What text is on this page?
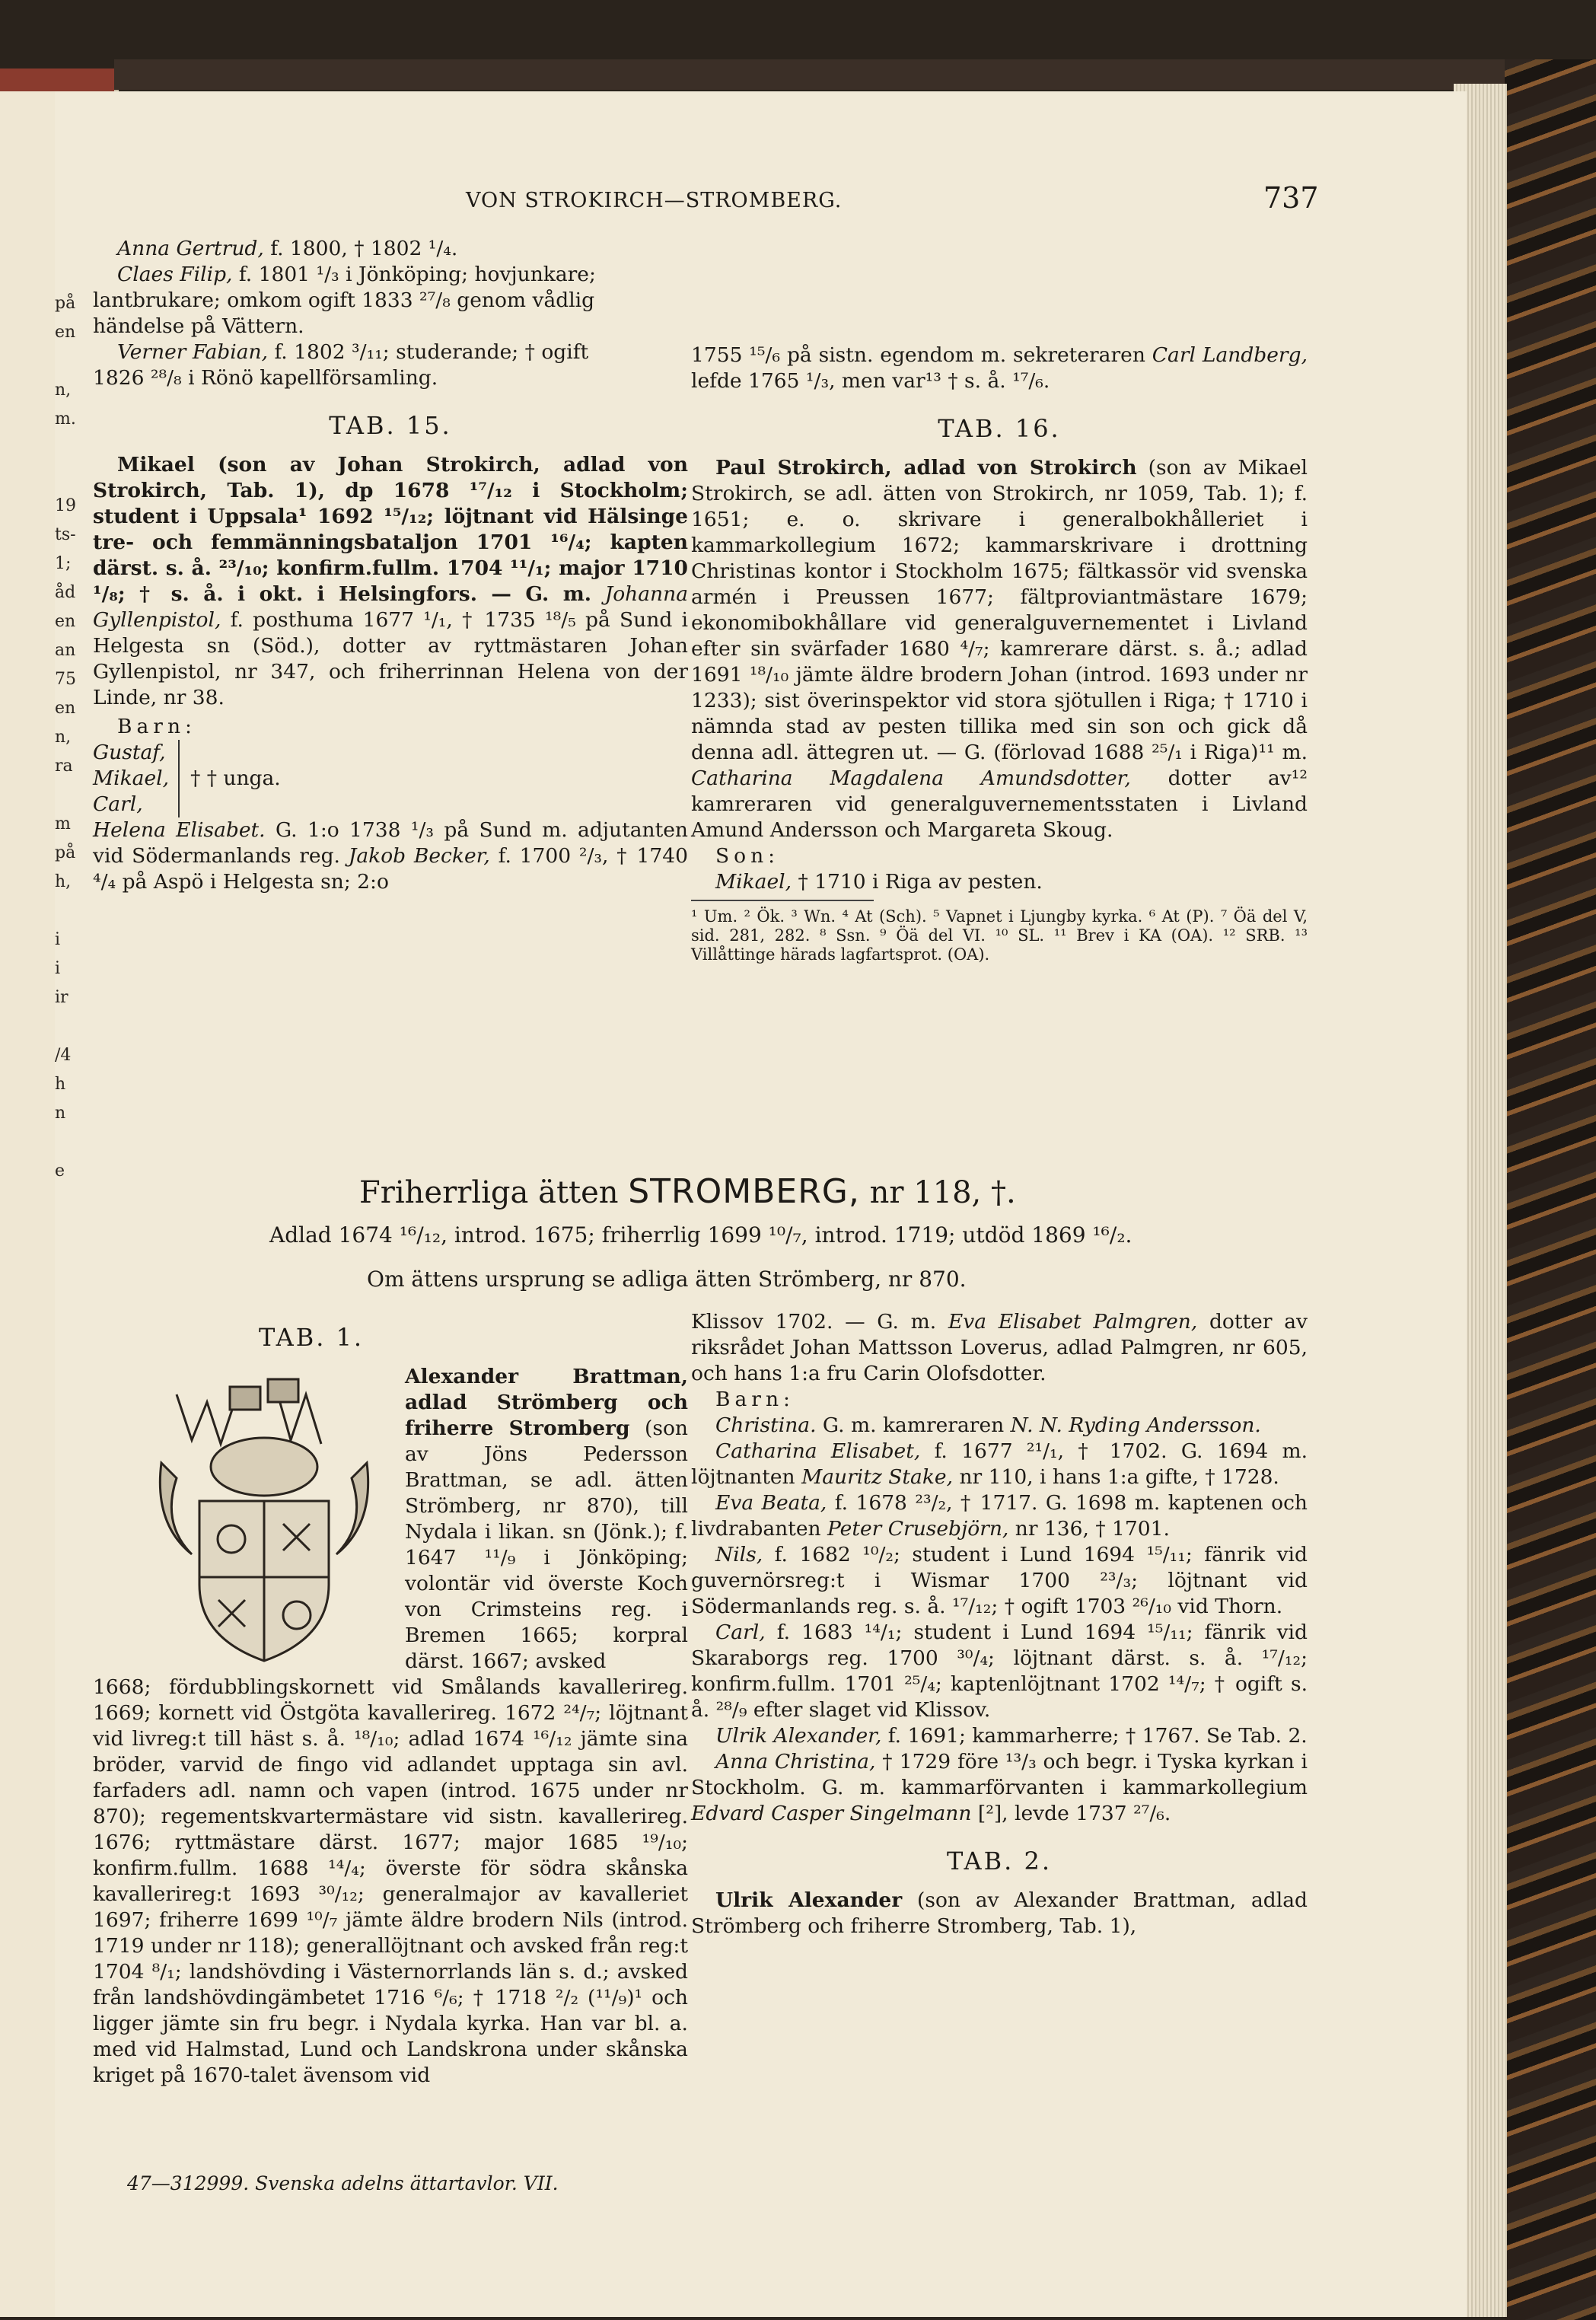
på
en
n,
m.
19
ts-
1;
åd
en
an
75
en
n,
ra
m
på
h,
i
i
ir
/4
h
n
e
VON STROKIRCH—STROMBERG.	737

Anna Gertrud, f. 1800, † 1802 ¹/₄.

Claes Filip, f. 1801 ¹/₃ i Jönköping; hovjunkare;

lantbrukare; omkom ogift 1833 ²⁷/₈ genom vådlig

händelse på Vättern.

Verner Fabian, f. 1802 ³/₁₁; studerande; † ogift

1826 ²⁸/₈ i Rönö kapellförsamling.

TAB. 15.

Mikael (son av Johan Strokirch, adlad von Strokirch, Tab. 1), dp 1678 ¹⁷/₁₂ i Stockholm; student i Uppsala¹ 1692 ¹⁵/₁₂; löjtnant vid Hälsinge tre- och femmänningsbataljon 1701 ¹⁶/₄; kapten därst. s. å. ²³/₁₀; konfirm.fullm. 1704 ¹¹/₁; major 1710 ¹/₈; † s. å. i okt. i Helsingfors. — G. m. Johanna Gyllenpistol, f. posthuma 1677 ¹/₁, † 1735 ¹⁸/₅ på Sund i Helgesta sn (Söd.), dotter av ryttmästaren Johan Gyllenpistol, nr 347, och friherrinnan Helena von der Linde, nr 38.

Barn:

Gustaf,
Mikael,
Carl,
† † unga.

Helena Elisabet. G. 1:o 1738 ¹/₃ på Sund m. adjutanten vid Södermanlands reg. Jakob Becker, f. 1700 ²/₃, † 1740 ⁴/₄ på Aspö i Helgesta sn; 2:o

1755 ¹⁵/₆ på sistn. egendom m. sekreteraren Carl Landberg, lefde 1765 ¹/₃, men var¹³ † s. å. ¹⁷/₆.

TAB. 16.

Paul Strokirch, adlad von Strokirch (son av Mikael Strokirch, se adl. ätten von Strokirch, nr 1059, Tab. 1); f. 1651; e. o. skrivare i generalbokhålleriet i kammarkollegium 1672; kammarskrivare i drottning Christinas kontor i Stockholm 1675; fältkassör vid svenska armén i Preussen 1677; fältproviantmästare 1679; ekonomibokhållare vid generalguvernementet i Livland efter sin svärfader 1680 ⁴/₇; kamrerare därst. s. å.; adlad 1691 ¹⁸/₁₀ jämte äldre brodern Johan (introd. 1693 under nr 1233); sist överinspektor vid stora sjötullen i Riga; † 1710 i nämnda stad av pesten tillika med sin son och gick då denna adl. ättegren ut. — G. (förlovad 1688 ²⁵/₁ i Riga)¹¹ m. Catharina Magdalena Amundsdotter, dotter av¹² kamreraren vid generalguvernementsstaten i Livland Amund Andersson och Margareta Skoug.

Son:

Mikael, † 1710 i Riga av pesten.

¹ Um. ² Ök. ³ Wn. ⁴ At (Sch). ⁵ Vapnet i Ljungby kyrka. ⁶ At (P). ⁷ Öä del V, sid. 281, 282. ⁸ Ssn. ⁹ Öä del VI. ¹⁰ SL. ¹¹ Brev i KA (OA). ¹² SRB. ¹³ Villåttinge härads lagfartsprot. (OA).

Friherrliga ätten STROMBERG, nr 118, †.
Adlad 1674 ¹⁶/₁₂, introd. 1675; friherrlig 1699 ¹⁰/₇, introd. 1719; utdöd 1869 ¹⁶/₂.
Om ättens ursprung se adliga ätten Strömberg, nr 870.
TAB. 1.
Alexander Brattman, adlad Strömberg och friherre Stromberg (son av Jöns Pedersson Brattman, se adl. ätten Strömberg, nr 870), till Nydala i likan. sn (Jönk.); f. 1647 ¹¹/₉ i Jönköping; volontär vid överste Koch von Crimsteins reg. i Bremen 1665; korpral därst. 1667; avsked

1668; fördubblingskornett vid Smålands kavallerireg. 1669; kornett vid Östgöta kavallerireg. 1672 ²⁴/₇; löjtnant vid livreg:t till häst s. å. ¹⁸/₁₀; adlad 1674 ¹⁶/₁₂ jämte sina bröder, varvid de fingo vid adlandet upptaga sin avl. farfaders adl. namn och vapen (introd. 1675 under nr 870); regementskvartermästare vid sistn. kavallerireg. 1676; ryttmästare därst. 1677; major 1685 ¹⁹/₁₀; konfirm.fullm. 1688 ¹⁴/₄; överste för södra skånska kavallerireg:t 1693 ³⁰/₁₂; generalmajor av kavalleriet 1697; friherre 1699 ¹⁰/₇ jämte äldre brodern Nils (introd. 1719 under nr 118); generallöjtnant och avsked från reg:t 1704 ⁸/₁; landshövding i Västernorrlands län s. d.; avsked från landshövdingämbetet 1716 ⁶/₆; † 1718 ²/₂ (¹¹/₉)¹ och ligger jämte sin fru begr. i Nydala kyrka. Han var bl. a. med vid Halmstad, Lund och Landskrona under skånska kriget på 1670-talet ävensom vid

Klissov 1702. — G. m. Eva Elisabet Palmgren, dotter av riksrådet Johan Mattsson Loverus, adlad Palmgren, nr 605, och hans 1:a fru Carin Olofsdotter.

Barn:

Christina. G. m. kamreraren N. N. Ryding Andersson.

Catharina Elisabet, f. 1677 ²¹/₁, † 1702. G. 1694 m. löjtnanten Mauritz Stake, nr 110, i hans 1:a gifte, † 1728.

Eva Beata, f. 1678 ²³/₂, † 1717. G. 1698 m. kaptenen och livdrabanten Peter Crusebjörn, nr 136, † 1701.

Nils, f. 1682 ¹⁰/₂; student i Lund 1694 ¹⁵/₁₁; fänrik vid guvernörsreg:t i Wismar 1700 ²³/₃; löjtnant vid Södermanlands reg. s. å. ¹⁷/₁₂; † ogift 1703 ²⁶/₁₀ vid Thorn.

Carl, f. 1683 ¹⁴/₁; student i Lund 1694 ¹⁵/₁₁; fänrik vid Skaraborgs reg. 1700 ³⁰/₄; löjtnant därst. s. å. ¹⁷/₁₂; konfirm.fullm. 1701 ²⁵/₄; kaptenlöjtnant 1702 ¹⁴/₇; † ogift s. å. ²⁸/₉ efter slaget vid Klissov.

Ulrik Alexander, f. 1691; kammarherre; † 1767. Se Tab. 2.

Anna Christina, † 1729 före ¹³/₃ och begr. i Tyska kyrkan i Stockholm. G. m. kammarförvanten i kammarkollegium Edvard Casper Singelmann [²], levde 1737 ²⁷/₆.

TAB. 2.

Ulrik Alexander (son av Alexander Brattman, adlad Strömberg och friherre Stromberg, Tab. 1),

47—312999. Svenska adelns ättartavlor. VII.
